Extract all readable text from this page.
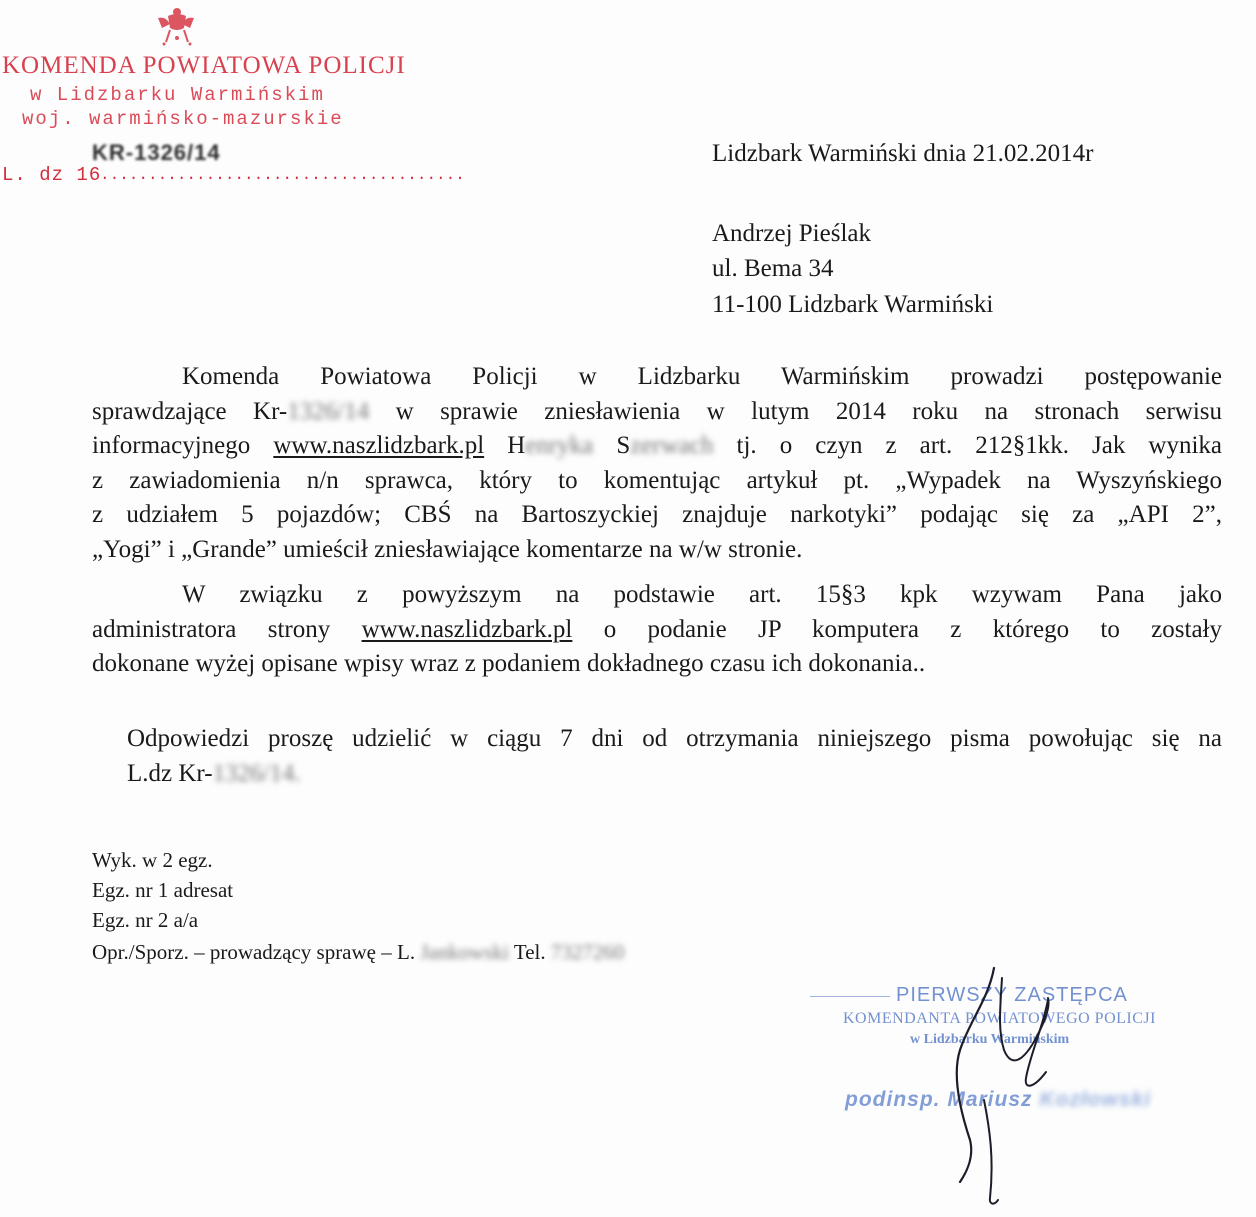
KOMENDA POWIATOWA POLICJI
w Lidzbarku Warmińskim
woj. warmińsko-mazurskie
KR-1326/14
L. dz 16
......................................
Lidzbark Warmiński dnia 21.02.2014r
Andrzej Pieślak
ul. Bema 34
11-100 Lidzbark Warmiński
Komenda Powiatowa Policji w Lidzbarku Warmińskim prowadzi postępowanie
sprawdzające Kr-1326/14 w sprawie zniesławienia w lutym 2014 roku na stronach serwisu
informacyjnego www.naszlidzbark.pl Henryka Szerwach tj. o czyn z art. 212§1kk. Jak wynika
z zawiadomienia n/n sprawca, który to komentując artykuł pt. „Wypadek na Wyszyńskiego
z udziałem 5 pojazdów; CBŚ na Bartoszyckiej znajduje narkotyki” podając się za „API 2”,
„Yogi” i „Grande” umieścił zniesławiające komentarze na w/w stronie.
W związku z powyższym na podstawie art. 15§3 kpk wzywam Pana jako
administratora strony www.naszlidzbark.pl o podanie JP komputera z którego to zostały
dokonane wyżej opisane wpisy wraz z podaniem dokładnego czasu ich dokonania..
Odpowiedzi proszę udzielić w ciągu 7 dni od otrzymania niniejszego pisma powołując się na
L.dz Kr-1326/14.
Wyk. w 2 egz.
Egz. nr 1 adresat
Egz. nr 2 a/a
Opr./Sporz. – prowadzący sprawę – L. Jankowski Tel. 7327260
PIERWSZY ZASTĘPCA
KOMENDANTA POWIATOWEGO POLICJI
w Lidzbarku Warmińskim
podinsp. Mariusz Kozłowski
